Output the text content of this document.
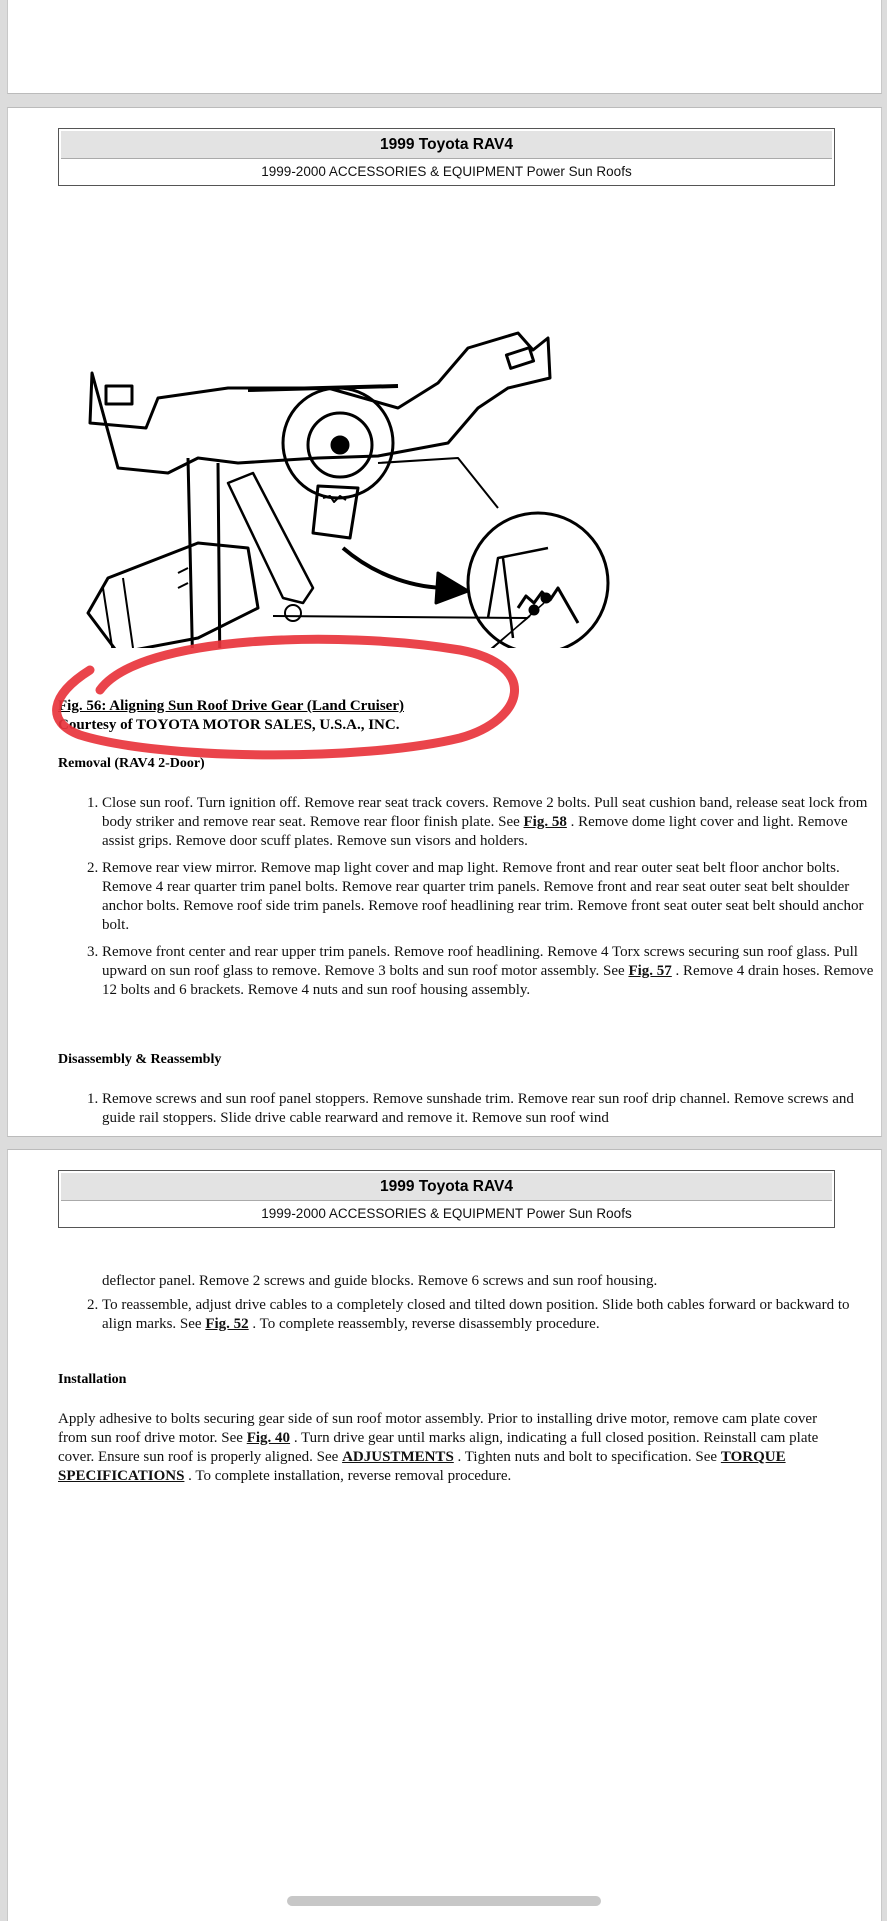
1999 Toyota RAV4
1999-2000 ACCESSORIES & EQUIPMENT Power Sun Roofs
Fig. 56: Aligning Sun Roof Drive Gear (Land Cruiser)
Courtesy of TOYOTA MOTOR SALES, U.S.A., INC.
Removal (RAV4 2-Door)
1. Close sun roof. Turn ignition off. Remove rear seat track covers. Remove 2 bolts. Pull seat cushion band, release seat lock from body striker and remove rear seat. Remove rear floor finish plate. See Fig. 58 . Remove dome light cover and light. Remove assist grips. Remove door scuff plates. Remove sun visors and holders.
2. Remove rear view mirror. Remove map light cover and map light. Remove front and rear outer seat belt floor anchor bolts. Remove 4 rear quarter trim panel bolts. Remove rear quarter trim panels. Remove front and rear seat outer seat belt shoulder anchor bolts. Remove roof side trim panels. Remove roof headlining rear trim. Remove front seat outer seat belt should anchor bolt.
3. Remove front center and rear upper trim panels. Remove roof headlining. Remove 4 Torx screws securing sun roof glass. Pull upward on sun roof glass to remove. Remove 3 bolts and sun roof motor assembly. See Fig. 57 . Remove 4 drain hoses. Remove 12 bolts and 6 brackets. Remove 4 nuts and sun roof housing assembly.
Disassembly & Reassembly
1. Remove screws and sun roof panel stoppers. Remove sunshade trim. Remove rear sun roof drip channel. Remove screws and guide rail stoppers. Slide drive cable rearward and remove it. Remove sun roof wind
1999 Toyota RAV4
1999-2000 ACCESSORIES & EQUIPMENT Power Sun Roofs
deflector panel. Remove 2 screws and guide blocks. Remove 6 screws and sun roof housing.
2. To reassemble, adjust drive cables to a completely closed and tilted down position. Slide both cables forward or backward to align marks. See Fig. 52 . To complete reassembly, reverse disassembly procedure.
Installation

Apply adhesive to bolts securing gear side of sun roof motor assembly. Prior to installing drive motor, remove cam plate cover from sun roof drive motor. See Fig. 40 . Turn drive gear until marks align, indicating a full closed position. Reinstall cam plate cover. Ensure sun roof is properly aligned. See ADJUSTMENTS . Tighten nuts and bolt to specification. See TORQUE SPECIFICATIONS . To complete installation, reverse removal procedure.
